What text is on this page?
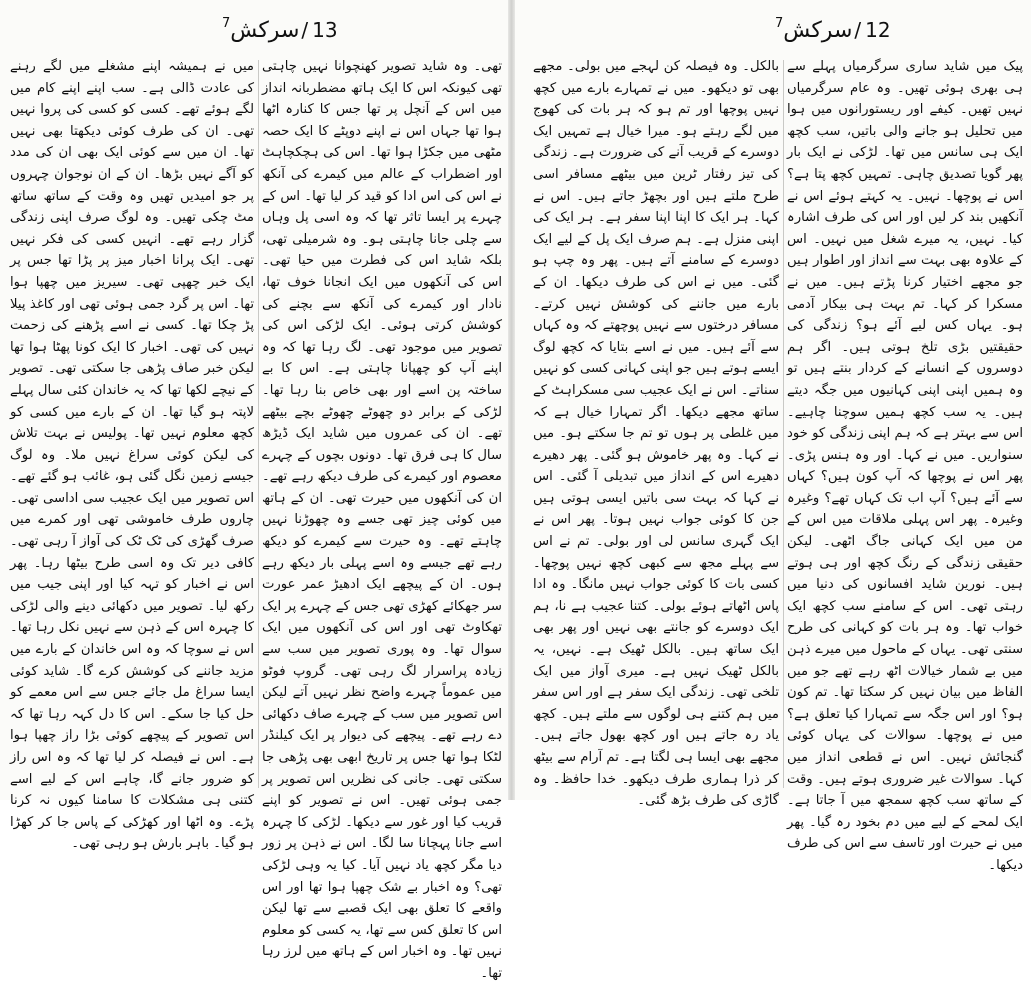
سرکش$^7$	/ 13

تھی۔ وہ شاید تصویر کھنچوانا نہیں چاہتی تھی کیونکہ اس کا ایک ہاتھ مضطربانہ انداز میں اس کے آنچل پر تھا جس کا کنارہ اٹھا ہوا تھا جہاں اس نے اپنے دوپٹے کا ایک حصہ مٹھی میں جکڑا ہوا تھا۔ اس کی ہچکچاہٹ اور اضطراب کے عالم میں کیمرے کی آنکھ نے اس کی اس ادا کو قید کر لیا تھا۔ اس کے چہرے پر ایسا تاثر تھا کہ وہ اسی پل وہاں سے چلی جانا چاہتی ہو۔ وہ شرمیلی تھی، بلکہ شاید اس کی فطرت میں حیا تھی۔ اس کی آنکھوں میں ایک انجانا خوف تھا، نادار اور کیمرے کی آنکھ سے بچنے کی کوشش کرتی ہوئی۔ ایک لڑکی اس کی تصویر میں موجود تھی۔ لگ رہا تھا کہ وہ اپنے آپ کو چھپانا چاہتی ہے۔ اس کا بے ساختہ پن اسے اور بھی خاص بنا رہا تھا۔ لڑکی کے برابر دو چھوٹے چھوٹے بچے بیٹھے تھے۔ ان کی عمروں میں شاید ایک ڈیڑھ سال کا ہی فرق تھا۔ دونوں بچوں کے چہرے معصوم اور کیمرے کی طرف دیکھ رہے تھے۔ ان کی آنکھوں میں حیرت تھی۔ ان کے ہاتھ میں کوئی چیز تھی جسے وہ چھوڑنا نہیں چاہتے تھے۔ وہ حیرت سے کیمرے کو دیکھ رہے تھے جیسے وہ اسے پہلی بار دیکھ رہے ہوں۔ ان کے پیچھے ایک ادھیڑ عمر عورت سر جھکائے کھڑی تھی جس کے چہرے پر ایک تھکاوٹ تھی اور اس کی آنکھوں میں ایک سوال تھا۔ وہ پوری تصویر میں سب سے زیادہ پراسرار لگ رہی تھی۔ گروپ فوٹو میں عموماً چہرے واضح نظر نہیں آتے لیکن اس تصویر میں سب کے چہرے صاف دکھائی دے رہے تھے۔ پیچھے کی دیوار پر ایک کیلنڈر لٹکا ہوا تھا جس پر تاریخ ابھی بھی پڑھی جا سکتی تھی۔ جانی کی نظریں اس تصویر پر جمی ہوئی تھیں۔ اس نے تصویر کو اپنے قریب کیا اور غور سے دیکھا۔ لڑکی کا چہرہ اسے جانا پہچانا سا لگا۔ اس نے ذہن پر زور دیا مگر کچھ یاد نہیں آیا۔ کیا یہ وہی لڑکی تھی؟ وہ اخبار بے شک چھپا ہوا تھا اور اس واقعے کا تعلق بھی ایک قصبے سے تھا لیکن اس کا تعلق کس سے تھا، یہ کسی کو معلوم نہیں تھا۔ وہ اخبار اس کے ہاتھ میں لرز رہا تھا۔

میں نے ہمیشہ اپنے مشغلے میں لگے رہنے کی عادت ڈالی ہے۔ سب اپنے اپنے کام میں لگے ہوئے تھے۔ کسی کو کسی کی پروا نہیں تھی۔ ان کی طرف کوئی دیکھتا بھی نہیں تھا۔ ان میں سے کوئی ایک بھی ان کی مدد کو آگے نہیں بڑھا۔ ان کے ان نوجوان چہروں پر جو امیدیں تھیں وہ وقت کے ساتھ ساتھ مٹ چکی تھیں۔ وہ لوگ صرف اپنی زندگی گزار رہے تھے۔ انہیں کسی کی فکر نہیں تھی۔ ایک پرانا اخبار میز پر پڑا تھا جس پر ایک خبر چھپی تھی۔ سیریز میں چھپا ہوا تھا۔ اس پر گرد جمی ہوئی تھی اور کاغذ پیلا پڑ چکا تھا۔ کسی نے اسے پڑھنے کی زحمت نہیں کی تھی۔ اخبار کا ایک کونا پھٹا ہوا تھا لیکن خبر صاف پڑھی جا سکتی تھی۔ تصویر کے نیچے لکھا تھا کہ یہ خاندان کئی سال پہلے لاپتہ ہو گیا تھا۔ ان کے بارے میں کسی کو کچھ معلوم نہیں تھا۔ پولیس نے بہت تلاش کی لیکن کوئی سراغ نہیں ملا۔ وہ لوگ جیسے زمین نگل گئی ہو، غائب ہو گئے تھے۔ اس تصویر میں ایک عجیب سی اداسی تھی۔ چاروں طرف خاموشی تھی اور کمرے میں صرف گھڑی کی ٹک ٹک کی آواز آ رہی تھی۔ کافی دیر تک وہ اسی طرح بیٹھا رہا۔ پھر اس نے اخبار کو تہہ کیا اور اپنی جیب میں رکھ لیا۔ تصویر میں دکھائی دینے والی لڑکی کا چہرہ اس کے ذہن سے نہیں نکل رہا تھا۔ اس نے سوچا کہ وہ اس خاندان کے بارے میں مزید جاننے کی کوشش کرے گا۔ شاید کوئی ایسا سراغ مل جائے جس سے اس معمے کو حل کیا جا سکے۔ اس کا دل کہہ رہا تھا کہ اس تصویر کے پیچھے کوئی بڑا راز چھپا ہوا ہے۔ اس نے فیصلہ کر لیا تھا کہ وہ اس راز کو ضرور جانے گا، چاہے اس کے لیے اسے کتنی ہی مشکلات کا سامنا کیوں نہ کرنا پڑے۔ وہ اٹھا اور کھڑکی کے پاس جا کر کھڑا ہو گیا۔ باہر بارش ہو رہی تھی۔

سرکش$^7$	/ 12

پیک میں شاید ساری سرگرمیاں پہلے سے ہی بھری ہوئی تھیں۔ وہ عام سرگرمیاں نہیں تھیں۔ کیفے اور ریستورانوں میں ہوا میں تحلیل ہو جانے والی باتیں، سب کچھ ایک ہی سانس میں تھا۔ لڑکی نے ایک بار پھر گویا تصدیق چاہی۔ تمہیں کچھ پتا ہے؟ اس نے پوچھا۔ نہیں۔ یہ کہتے ہوئے اس نے آنکھیں بند کر لیں اور اس کی طرف اشارہ کیا۔ نہیں، یہ میرے شغل میں نہیں۔ اس کے علاوہ بھی بہت سے انداز اور اطوار ہیں جو مجھے اختیار کرنا پڑتے ہیں۔ میں نے مسکرا کر کہا۔ تم بہت ہی بیکار آدمی ہو۔ یہاں کس لیے آئے ہو؟ زندگی کی حقیقتیں بڑی تلخ ہوتی ہیں۔ اگر ہم دوسروں کے انسانے کے کردار بنتے ہیں تو وہ ہمیں اپنی اپنی کہانیوں میں جگہ دیتے ہیں۔ یہ سب کچھ ہمیں سوچنا چاہیے۔ اس سے بہتر ہے کہ ہم اپنی زندگی کو خود سنواریں۔ میں نے کہا۔ اور وہ ہنس پڑی۔ پھر اس نے پوچھا کہ آپ کون ہیں؟ کہاں سے آئے ہیں؟ آپ اب تک کہاں تھے؟ وغیرہ وغیرہ۔ پھر اس پہلی ملاقات میں اس کے من میں ایک کہانی جاگ اٹھی۔ لیکن حقیقی زندگی کے رنگ کچھ اور ہی ہوتے ہیں۔ نورین شاید افسانوں کی دنیا میں رہتی تھی۔ اس کے سامنے سب کچھ ایک خواب تھا۔ وہ ہر بات کو کہانی کی طرح سنتی تھی۔ یہاں کے ماحول میں میرے ذہن میں بے شمار خیالات اٹھ رہے تھے جو میں الفاظ میں بیان نہیں کر سکتا تھا۔ تم کون ہو؟ اور اس جگہ سے تمہارا کیا تعلق ہے؟ میں نے پوچھا۔ سوالات کی یہاں کوئی گنجائش نہیں۔ اس نے قطعی انداز میں کہا۔ سوالات غیر ضروری ہوتے ہیں۔ وقت کے ساتھ سب کچھ سمجھ میں آ جاتا ہے۔ ایک لمحے کے لیے میں دم بخود رہ گیا۔ پھر میں نے حیرت اور تاسف سے اس کی طرف دیکھا۔

بالکل۔ وہ فیصلہ کن لہجے میں بولی۔ مجھے بھی تو دیکھو۔ میں نے تمہارے بارے میں کچھ نہیں پوچھا اور تم ہو کہ ہر بات کی کھوج میں لگے رہتے ہو۔ میرا خیال ہے تمہیں ایک دوسرے کے قریب آنے کی ضرورت ہے۔ زندگی کی تیز رفتار ٹرین میں بیٹھے مسافر اسی طرح ملتے ہیں اور بچھڑ جاتے ہیں۔ اس نے کہا۔ ہر ایک کا اپنا اپنا سفر ہے۔ ہر ایک کی اپنی منزل ہے۔ ہم صرف ایک پل کے لیے ایک دوسرے کے سامنے آتے ہیں۔ پھر وہ چپ ہو گئی۔ میں نے اس کی طرف دیکھا۔ ان کے بارے میں جاننے کی کوشش نہیں کرتے۔ مسافر درختوں سے نہیں پوچھتے کہ وہ کہاں سے آئے ہیں۔ میں نے اسے بتایا کہ کچھ لوگ ایسے ہوتے ہیں جو اپنی کہانی کسی کو نہیں سناتے۔ اس نے ایک عجیب سی مسکراہٹ کے ساتھ مجھے دیکھا۔ اگر تمہارا خیال ہے کہ میں غلطی پر ہوں تو تم جا سکتے ہو۔ میں نے کہا۔ وہ پھر خاموش ہو گئی۔ پھر دھیرے دھیرے اس کے انداز میں تبدیلی آ گئی۔ اس نے کہا کہ بہت سی باتیں ایسی ہوتی ہیں جن کا کوئی جواب نہیں ہوتا۔ پھر اس نے ایک گہری سانس لی اور بولی۔ تم نے اس سے پہلے مجھ سے کبھی کچھ نہیں پوچھا۔ کسی بات کا کوئی جواب نہیں مانگا۔ وہ ادا پاس اٹھاتے ہوئے بولی۔ کتنا عجیب ہے نا، ہم ایک دوسرے کو جانتے بھی نہیں اور پھر بھی ایک ساتھ ہیں۔ بالکل ٹھیک ہے۔ نہیں، یہ بالکل ٹھیک نہیں ہے۔ میری آواز میں ایک تلخی تھی۔ زندگی ایک سفر ہے اور اس سفر میں ہم کتنے ہی لوگوں سے ملتے ہیں۔ کچھ یاد رہ جاتے ہیں اور کچھ بھول جاتے ہیں۔ مجھے بھی ایسا ہی لگتا ہے۔ تم آرام سے بیٹھ کر ذرا ہماری طرف دیکھو۔ خدا حافظ۔ وہ گاڑی کی طرف بڑھ گئی۔
